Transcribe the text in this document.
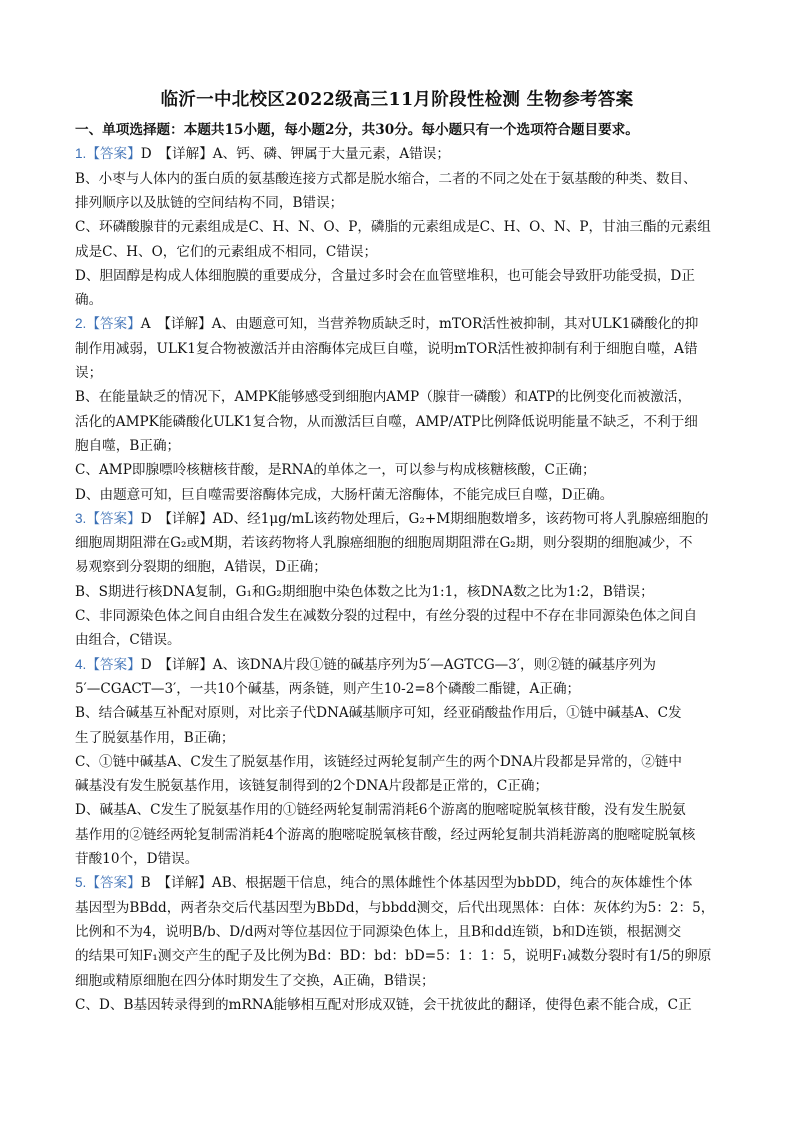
临沂一中北校区2022级高三11月阶段性检测 生物参考答案
一、单项选择题：本题共15小题，每小题2分，共30分。每小题只有一个选项符合题目要求。
1.【答案】D　【详解】A、钙、磷、钾属于大量元素，A错误；
B、小枣与人体内的蛋白质的氨基酸连接方式都是脱水缩合，二者的不同之处在于氨基酸的种类、数目、
排列顺序以及肽链的空间结构不同，B错误；
C、环磷酸腺苷的元素组成是C、H、N、O、P，磷脂的元素组成是C、H、O、N、P，甘油三酯的元素组
成是C、H、O，它们的元素组成不相同，C错误；
D、胆固醇是构成人体细胞膜的重要成分，含量过多时会在血管壁堆积，也可能会导致肝功能受损，D正
确。
2.【答案】A　【详解】A、由题意可知，当营养物质缺乏时，mTOR活性被抑制，其对ULK1磷酸化的抑
制作用减弱，ULK1复合物被激活并由溶酶体完成巨自噬，说明mTOR活性被抑制有利于细胞自噬，A错
误；
B、在能量缺乏的情况下，AMPK能够感受到细胞内AMP（腺苷一磷酸）和ATP的比例变化而被激活，
活化的AMPK能磷酸化ULK1复合物，从而激活巨自噬，AMP/ATP比例降低说明能量不缺乏，不利于细
胞自噬，B正确；
C、AMP即腺嘌呤核糖核苷酸，是RNA的单体之一，可以参与构成核糖核酸，C正确；
D、由题意可知，巨自噬需要溶酶体完成，大肠杆菌无溶酶体，不能完成巨自噬，D正确。
3.【答案】D　【详解】AD、经1μg/mL该药物处理后，G₂+M期细胞数增多，该药物可将人乳腺癌细胞的
细胞周期阻滞在G₂或M期，若该药物将人乳腺癌细胞的细胞周期阻滞在G₂期，则分裂期的细胞减少，不
易观察到分裂期的细胞，A错误，D正确；
B、S期进行核DNA复制，G₁和G₂期细胞中染色体数之比为1:1，核DNA数之比为1:2，B错误；
C、非同源染色体之间自由组合发生在减数分裂的过程中，有丝分裂的过程中不存在非同源染色体之间自
由组合，C错误。
4.【答案】D　【详解】A、该DNA片段①链的碱基序列为5′—AGTCG—3′，则②链的碱基序列为
5′—CGACT—3′，一共10个碱基，两条链，则产生10-2=8个磷酸二酯键，A正确；
B、结合碱基互补配对原则，对比亲子代DNA碱基顺序可知，经亚硝酸盐作用后，①链中碱基A、C发
生了脱氨基作用，B正确；
C、①链中碱基A、C发生了脱氨基作用，该链经过两轮复制产生的两个DNA片段都是异常的，②链中
碱基没有发生脱氨基作用，该链复制得到的2个DNA片段都是正常的，C正确；
D、碱基A、C发生了脱氨基作用的①链经两轮复制需消耗6个游离的胞嘧啶脱氧核苷酸，没有发生脱氨
基作用的②链经两轮复制需消耗4个游离的胞嘧啶脱氧核苷酸，经过两轮复制共消耗游离的胞嘧啶脱氧核
苷酸10个，D错误。
5.【答案】B　【详解】AB、根据题干信息，纯合的黑体雌性个体基因型为bbDD，纯合的灰体雄性个体
基因型为BBdd，两者杂交后代基因型为BbDd，与bbdd测交，后代出现黑体：白体：灰体约为5：2：5，
比例和不为4，说明B/b、D/d两对等位基因位于同源染色体上，且B和dd连锁，b和D连锁，根据测交
的结果可知F₁测交产生的配子及比例为Bd：BD：bd：bD=5：1：1：5，说明F₁减数分裂时有1/5的卵原
细胞或精原细胞在四分体时期发生了交换，A正确，B错误；
C、D、B基因转录得到的mRNA能够相互配对形成双链，会干扰彼此的翻译，使得色素不能合成，C正
